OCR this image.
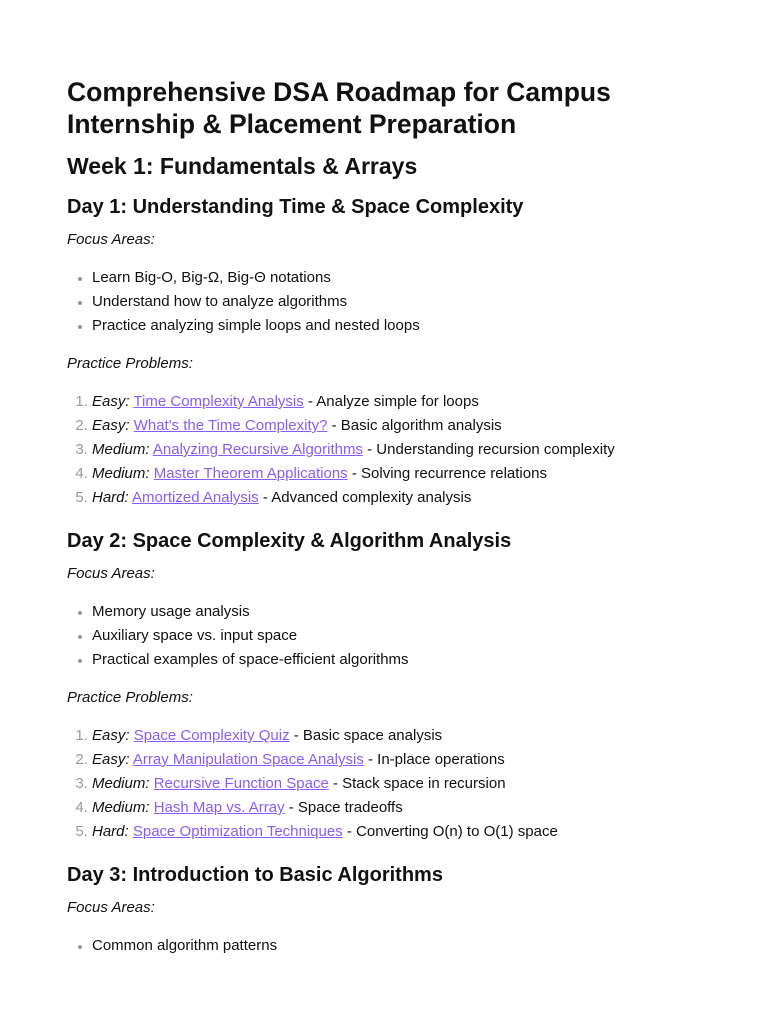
Comprehensive DSA Roadmap for Campus Internship & Placement Preparation
Week 1: Fundamentals & Arrays
Day 1: Understanding Time & Space Complexity

Focus Areas:

• Learn Big-O, Big-Ω, Big-Θ notations
• Understand how to analyze algorithms
• Practice analyzing simple loops and nested loops

Practice Problems:

1. Easy: Time Complexity Analysis - Analyze simple for loops
2. Easy: What's the Time Complexity? - Basic algorithm analysis
3. Medium: Analyzing Recursive Algorithms - Understanding recursion complexity
4. Medium: Master Theorem Applications - Solving recurrence relations
5. Hard: Amortized Analysis - Advanced complexity analysis
Day 2: Space Complexity & Algorithm Analysis

Focus Areas:

• Memory usage analysis
• Auxiliary space vs. input space
• Practical examples of space-efficient algorithms

Practice Problems:

1. Easy: Space Complexity Quiz - Basic space analysis
2. Easy: Array Manipulation Space Analysis - In-place operations
3. Medium: Recursive Function Space - Stack space in recursion
4. Medium: Hash Map vs. Array - Space tradeoffs
5. Hard: Space Optimization Techniques - Converting O(n) to O(1) space
Day 3: Introduction to Basic Algorithms

Focus Areas:

• Common algorithm patterns
